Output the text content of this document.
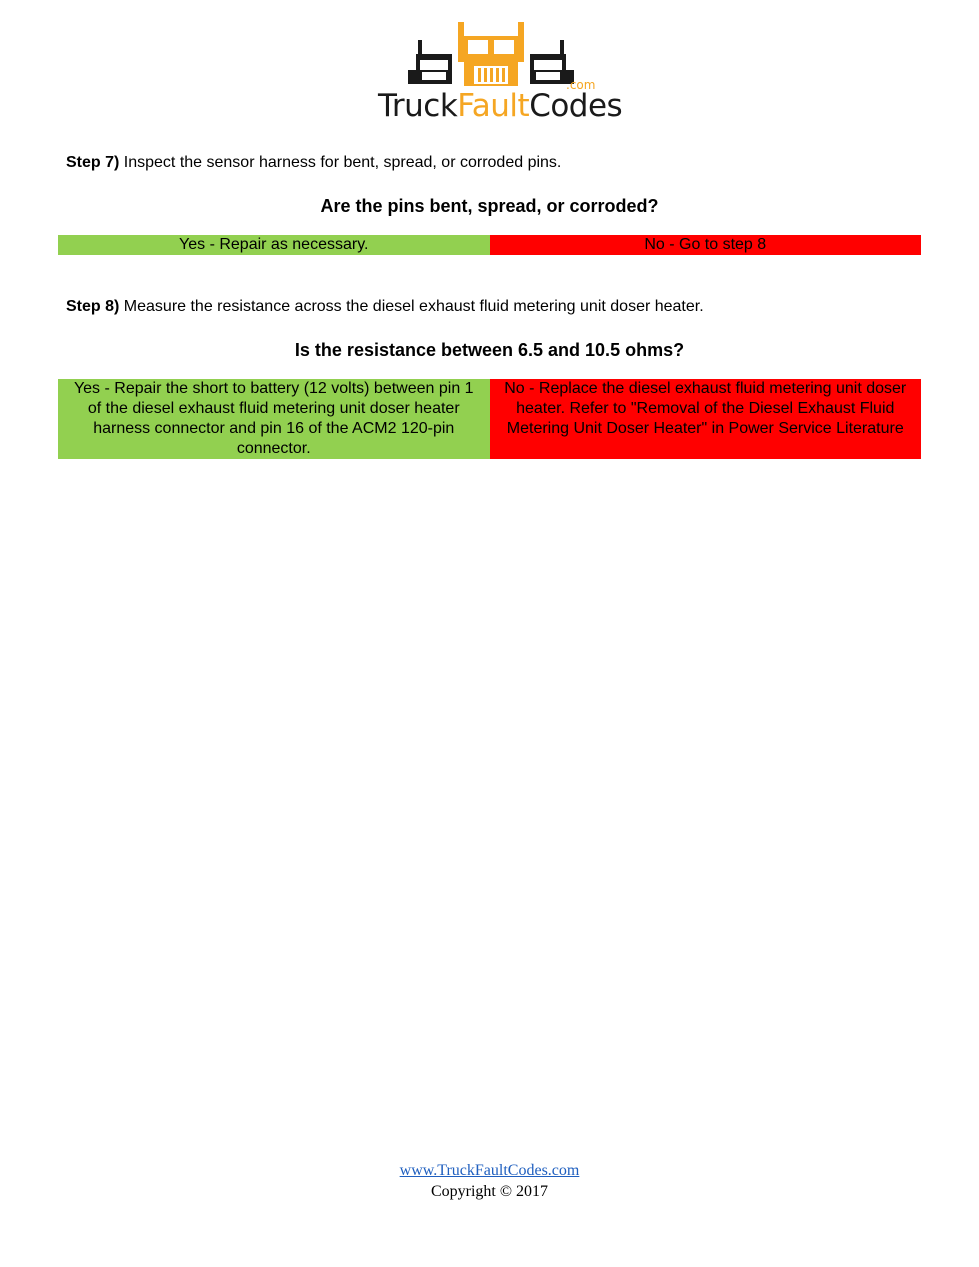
.com
TruckFaultCodes
Step 7) Inspect the sensor harness for bent, spread, or corroded pins.
Are the pins bent, spread, or corroded?
Yes - Repair as necessary.	No - Go to step 8
Step 8) Measure the resistance across the diesel exhaust fluid metering unit doser heater.
Is the resistance between 6.5 and 10.5 ohms?
Yes - Repair the short to battery (12 volts) between pin 1 of the diesel exhaust fluid metering unit doser heater harness connector and pin 16 of the ACM2 120-pin connector.
No - Replace the diesel exhaust fluid metering unit doser heater. Refer to "Removal of the Diesel Exhaust Fluid Metering Unit Doser Heater" in Power Service Literature
www.TruckFaultCodes.com
Copyright © 2017
